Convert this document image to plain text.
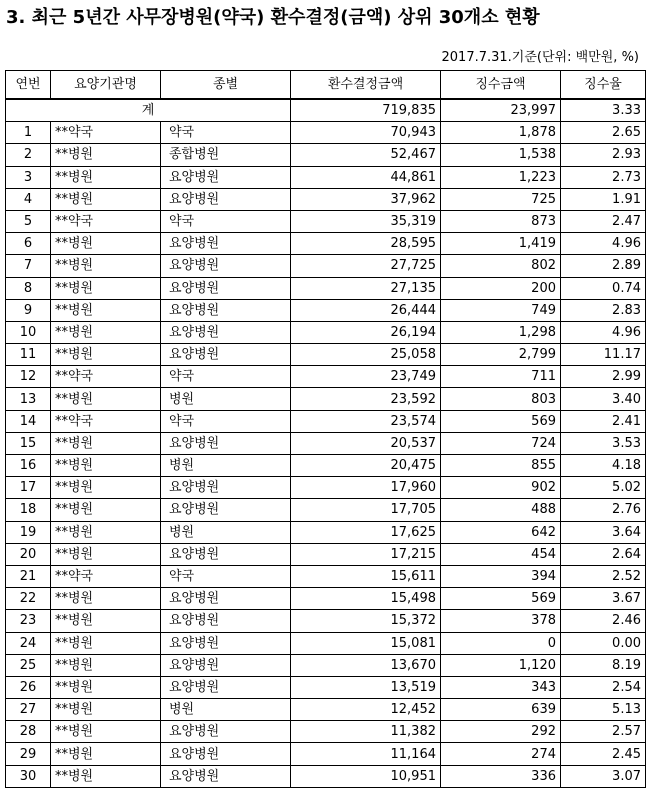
3. 최근 5년간 사무장병원(약국) 환수결정(금액) 상위 30개소 현황
2017.7.31.기준(단위: 백만원, %)
연번	요양기관명	종별	환수결정금액	징수금액	징수율
계			719,835	23,997	3.33
1	**약국	약국	70,943	1,878	2.65
2	**병원	종합병원	52,467	1,538	2.93
3	**병원	요양병원	44,861	1,223	2.73
4	**병원	요양병원	37,962	725	1.91
5	**약국	약국	35,319	873	2.47
6	**병원	요양병원	28,595	1,419	4.96
7	**병원	요양병원	27,725	802	2.89
8	**병원	요양병원	27,135	200	0.74
9	**병원	요양병원	26,444	749	2.83
10	**병원	요양병원	26,194	1,298	4.96
11	**병원	요양병원	25,058	2,799	11.17
12	**약국	약국	23,749	711	2.99
13	**병원	병원	23,592	803	3.40
14	**약국	약국	23,574	569	2.41
15	**병원	요양병원	20,537	724	3.53
16	**병원	병원	20,475	855	4.18
17	**병원	요양병원	17,960	902	5.02
18	**병원	요양병원	17,705	488	2.76
19	**병원	병원	17,625	642	3.64
20	**병원	요양병원	17,215	454	2.64
21	**약국	약국	15,611	394	2.52
22	**병원	요양병원	15,498	569	3.67
23	**병원	요양병원	15,372	378	2.46
24	**병원	요양병원	15,081	0	0.00
25	**병원	요양병원	13,670	1,120	8.19
26	**병원	요양병원	13,519	343	2.54
27	**병원	병원	12,452	639	5.13
28	**병원	요양병원	11,382	292	2.57
29	**병원	요양병원	11,164	274	2.45
30	**병원	요양병원	10,951	336	3.07
